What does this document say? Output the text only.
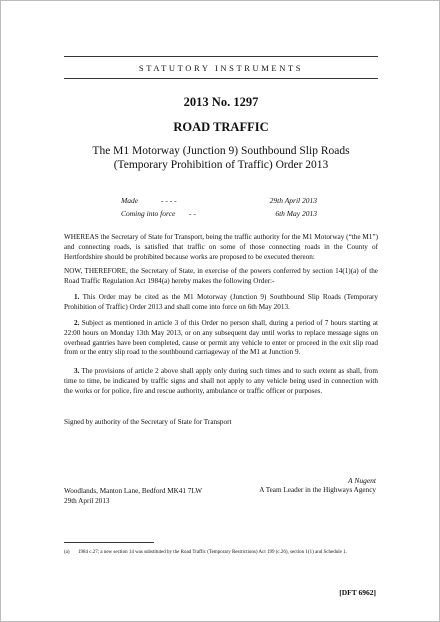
STATUTORY INSTRUMENTS
2013 No. 1297
ROAD TRAFFIC
The M1 Motorway (Junction 9) Southbound Slip Roads
(Temporary Prohibition of Traffic) Order 2013
Made	- - - -	29th April 2013
Coming into force - -	6th May 2013
WHEREAS the Secretary of State for Transport, being the traffic authority for the M1 Motorway (“the M1”) and connecting roads, is satisfied that traffic on some of those connecting roads in the County of Hertfordshire should be prohibited because works are proposed to be executed thereon:
NOW, THEREFORE, the Secretary of State, in exercise of the powers conferred by section 14(1)(a) of the Road Traffic Regulation Act 1984(a) hereby makes the following Order:-
1. This Order may be cited as the M1 Motorway (Junction 9) Southbound Slip Roads (Temporary Prohibition of Traffic) Order 2013 and shall come into force on 6th May 2013.
2. Subject as mentioned in article 3 of this Order no person shall, during a period of 7 hours starting at 22:00 hours on Monday 13th May 2013, or on any subsequent day until works to replace message signs on overhead gantries have been completed, cause or permit any vehicle to enter or proceed in the exit slip road from or the entry slip road to the southbound carriageway of the M1 at Junction 9.
3. The provisions of article 2 above shall apply only during such times and to such extent as shall, from time to time, be indicated by traffic signs and shall not apply to any vehicle being used in connection with the works or for police, fire and rescue authority, ambulance or traffic officer or purposes.
Signed by authority of the Secretary of State for Transport
A Nugent
A Team Leader in the Highways Agency
Woodlands, Manton Lane, Bedford MK41 7LW
29th April 2013
(a) 1984 c.27; a new section 14 was substituted by the Road Traffic (Temporary Restrictions) Act 199 (c.26), section 1(1) and Schedule 1.
[DFT 6962]
